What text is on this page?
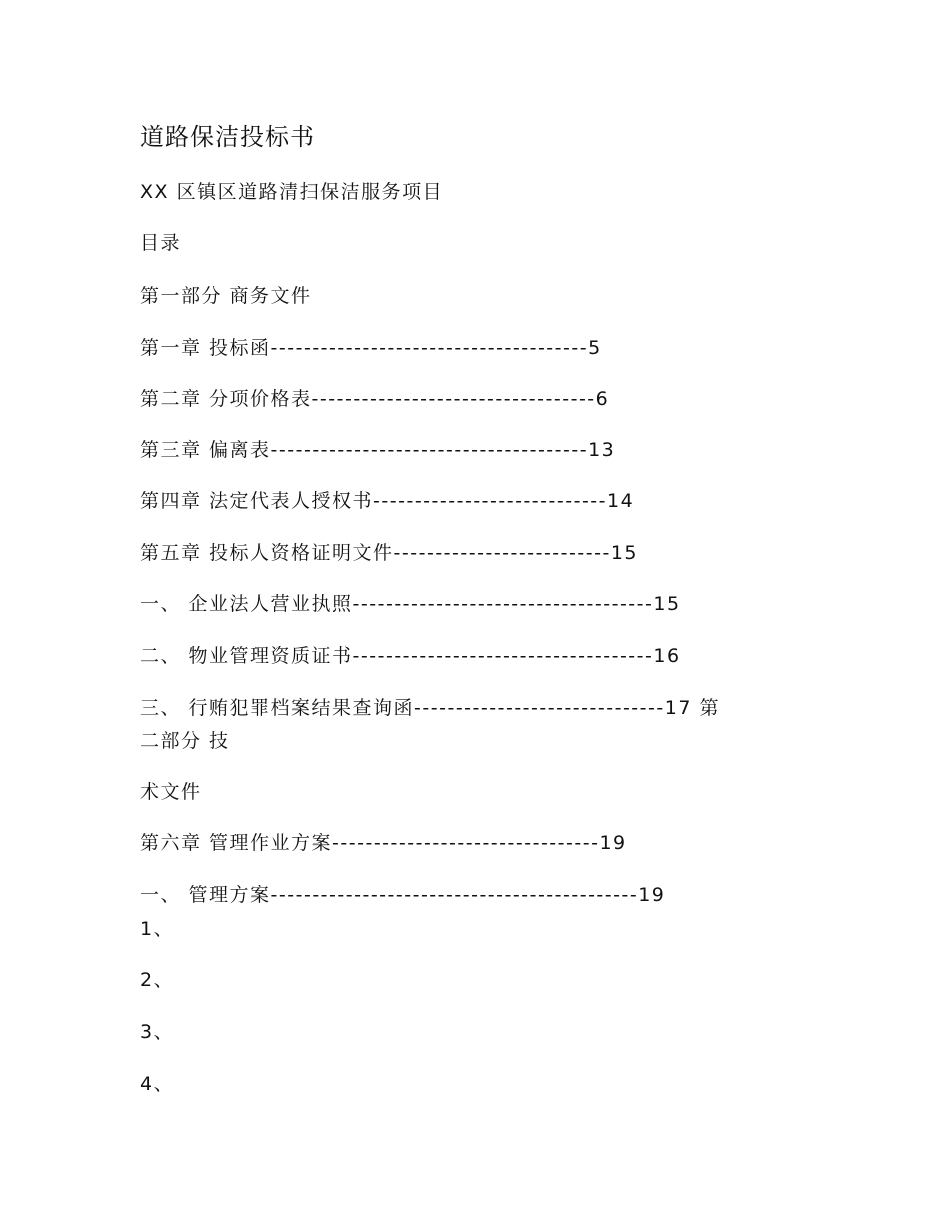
道路保洁投标书
XX 区镇区道路清扫保洁服务项目
目录
第一部分 商务文件
第一章 投标函--------------------------------------5
第二章 分项价格表----------------------------------6
第三章 偏离表--------------------------------------13
第四章 法定代表人授权书----------------------------14
第五章 投标人资格证明文件--------------------------15
一、 企业法人营业执照------------------------------------15
二、 物业管理资质证书------------------------------------16
三、 行贿犯罪档案结果查询函------------------------------17 第
二部分 技
术文件
第六章 管理作业方案--------------------------------19
一、 管理方案--------------------------------------------19
1、
2、
3、
4、
